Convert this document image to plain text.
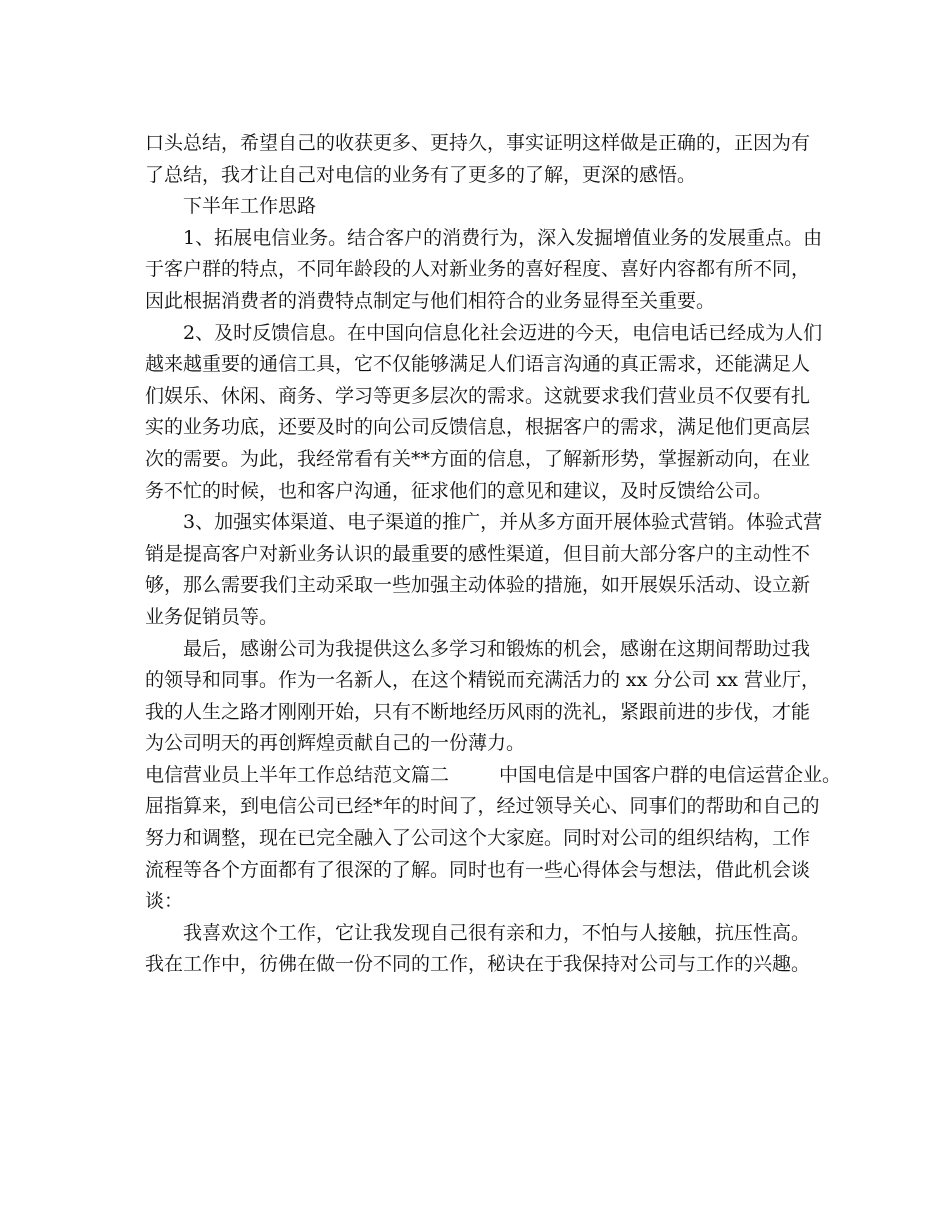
口头总结，希望自己的收获更多、更持久，事实证明这样做是正确的，正因为有
了总结，我才让自己对电信的业务有了更多的了解，更深的感悟。
下半年工作思路
1、拓展电信业务。结合客户的消费行为，深入发掘增值业务的发展重点。由
于客户群的特点，不同年龄段的人对新业务的喜好程度、喜好内容都有所不同，
因此根据消费者的消费特点制定与他们相符合的业务显得至关重要。
2、及时反馈信息。在中国向信息化社会迈进的今天，电信电话已经成为人们
越来越重要的通信工具，它不仅能够满足人们语言沟通的真正需求，还能满足人
们娱乐、休闲、商务、学习等更多层次的需求。这就要求我们营业员不仅要有扎
实的业务功底，还要及时的向公司反馈信息，根据客户的需求，满足他们更高层
次的需要。为此，我经常看有关**方面的信息，了解新形势，掌握新动向，在业
务不忙的时候，也和客户沟通，征求他们的意见和建议，及时反馈给公司。
3、加强实体渠道、电子渠道的推广，并从多方面开展体验式营销。体验式营
销是提高客户对新业务认识的最重要的感性渠道，但目前大部分客户的主动性不
够，那么需要我们主动采取一些加强主动体验的措施，如开展娱乐活动、设立新
业务促销员等。
最后，感谢公司为我提供这么多学习和锻炼的机会，感谢在这期间帮助过我
的领导和同事。作为一名新人，在这个精锐而充满活力的 xx 分公司 xx 营业厅，
我的人生之路才刚刚开始，只有不断地经历风雨的洗礼，紧跟前进的步伐，才能
为公司明天的再创辉煌贡献自己的一份薄力。
电信营业员上半年工作总结范文篇二	中国电信是中国客户群的电信运营企业。
屈指算来，到电信公司已经*年的时间了，经过领导关心、同事们的帮助和自己的
努力和调整，现在已完全融入了公司这个大家庭。同时对公司的组织结构，工作
流程等各个方面都有了很深的了解。同时也有一些心得体会与想法，借此机会谈
谈：
我喜欢这个工作，它让我发现自己很有亲和力，不怕与人接触，抗压性高。
我在工作中，彷佛在做一份不同的工作，秘诀在于我保持对公司与工作的兴趣。
